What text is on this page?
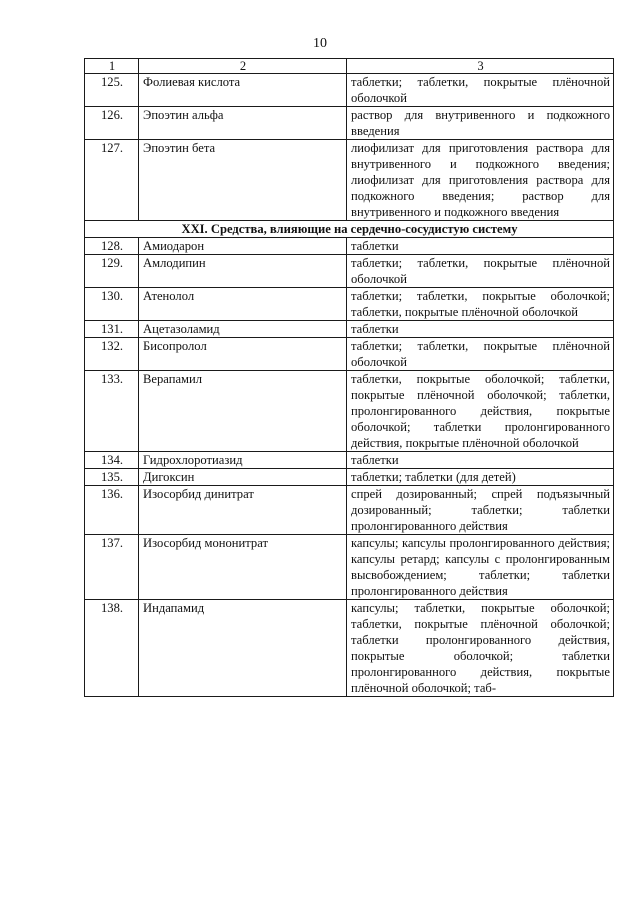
10
1	2	3
125.	Фолиевая кислота	таблетки; таблетки, покрытые плёночной оболочкой
126.	Эпоэтин альфа	раствор для внутривенного и подкожного введения
127.	Эпоэтин бета	лиофилизат для приготовления раствора для внутривенного и подкожного введения; лиофилизат для приготовления раствора для подкожного введения; раствор для внутривенного и подкожного введения
XXI. Средства, влияющие на сердечно-сосудистую систему		
128.	Амиодарон	таблетки
129.	Амлодипин	таблетки; таблетки, покрытые плёночной оболочкой
130.	Атенолол	таблетки; таблетки, покрытые оболочкой; таблетки, покрытые плёночной оболочкой
131.	Ацетазоламид	таблетки
132.	Бисопролол	таблетки; таблетки, покрытые плёночной оболочкой
133.	Верапамил	таблетки, покрытые оболочкой; таблетки, покрытые плёночной оболочкой; таблетки, пролонгированного действия, покрытые оболочкой; таблетки пролонгированного действия, покрытые плёночной оболочкой
134.	Гидрохлоротиазид	таблетки
135.	Дигоксин	таблетки; таблетки (для детей)
136.	Изосорбид динитрат	спрей дозированный; спрей подъязычный дозированный; таблетки; таблетки пролонгированного действия
137.	Изосорбид мононитрат	капсулы; капсулы пролонгированного действия; капсулы ретард; капсулы с пролонгированным высвобождением; таблетки; таблетки пролонгированного действия
138.	Индапамид	капсулы; таблетки, покрытые оболочкой; таблетки, покрытые плёночной оболочкой; таблетки пролонгированного действия, покрытые оболочкой; таблетки пролонгированного действия, покрытые плёночной оболочкой; таб-
